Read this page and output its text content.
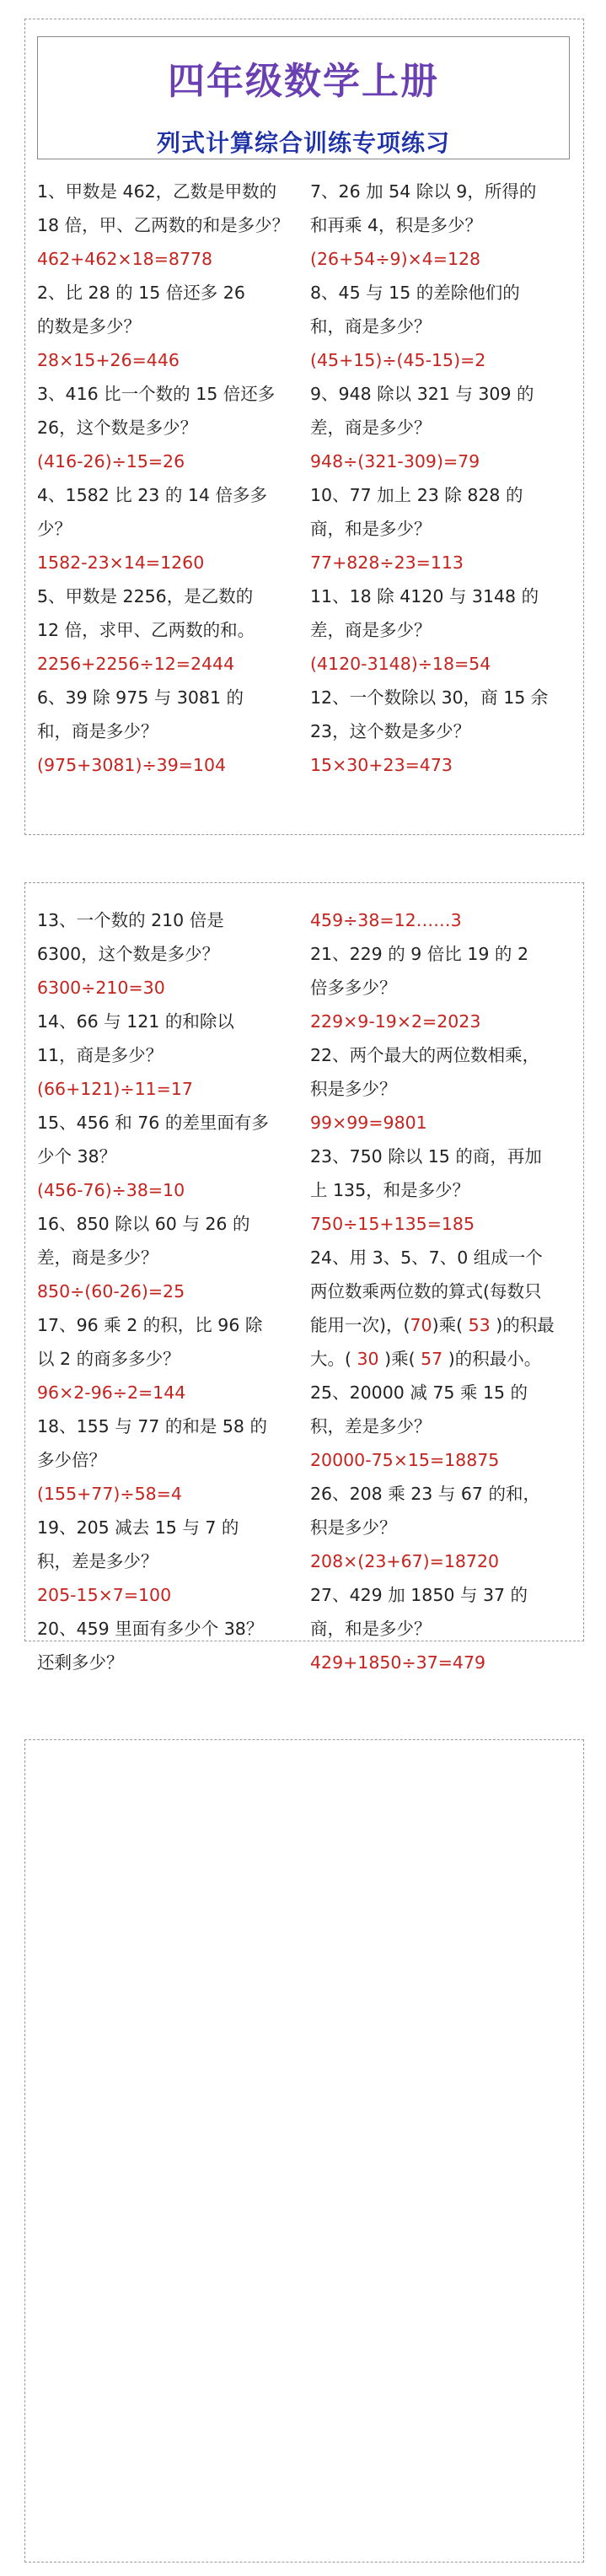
四年级数学上册
列式计算综合训练专项练习
1、甲数是 462，乙数是甲数的
18 倍，甲、乙两数的和是多少？
462+462×18=8778
2、比 28 的 15 倍还多 26
的数是多少？
28×15+26=446
3、416 比一个数的 15 倍还多
26，这个数是多少？
(416-26)÷15=26
4、1582 比 23 的 14 倍多多
少？
1582-23×14=1260
5、甲数是 2256，是乙数的
12 倍，求甲、乙两数的和。
2256+2256÷12=2444
6、39 除 975 与 3081 的
和，商是多少？
(975+3081)÷39=104
7、26 加 54 除以 9，所得的
和再乘 4，积是多少？
(26+54÷9)×4=128
8、45 与 15 的差除他们的
和，商是多少？
(45+15)÷(45-15)=2
9、948 除以 321 与 309 的
差，商是多少？
948÷(321-309)=79
10、77 加上 23 除 828 的
商，和是多少？
77+828÷23=113
11、18 除 4120 与 3148 的
差，商是多少？
(4120-3148)÷18=54
12、一个数除以 30，商 15 余
23，这个数是多少？
15×30+23=473
13、一个数的 210 倍是
6300，这个数是多少？
6300÷210=30
14、66 与 121 的和除以
11，商是多少？
(66+121)÷11=17
15、456 和 76 的差里面有多
少个 38？
(456-76)÷38=10
16、850 除以 60 与 26 的
差，商是多少？
850÷(60-26)=25
17、96 乘 2 的积，比 96 除
以 2 的商多多少？
96×2-96÷2=144
18、155 与 77 的和是 58 的
多少倍？
(155+77)÷58=4
19、205 减去 15 与 7 的
积，差是多少？
205-15×7=100
20、459 里面有多少个 38？
还剩多少？
459÷38=12……3
21、229 的 9 倍比 19 的 2
倍多多少？
229×9-19×2=2023
22、两个最大的两位数相乘，
积是多少？
99×99=9801
23、750 除以 15 的商，再加
上 135，和是多少？
750÷15+135=185
24、用 3、5、7、0 组成一个
两位数乘两位数的算式(每数只
能用一次)，(70)乘( 53 )的积最
大。( 30 )乘( 57 )的积最小。
25、20000 减 75 乘 15 的
积，差是多少？
20000-75×15=18875
26、208 乘 23 与 67 的和，
积是多少？
208×(23+67)=18720
27、429 加 1850 与 37 的
商，和是多少？
429+1850÷37=479
